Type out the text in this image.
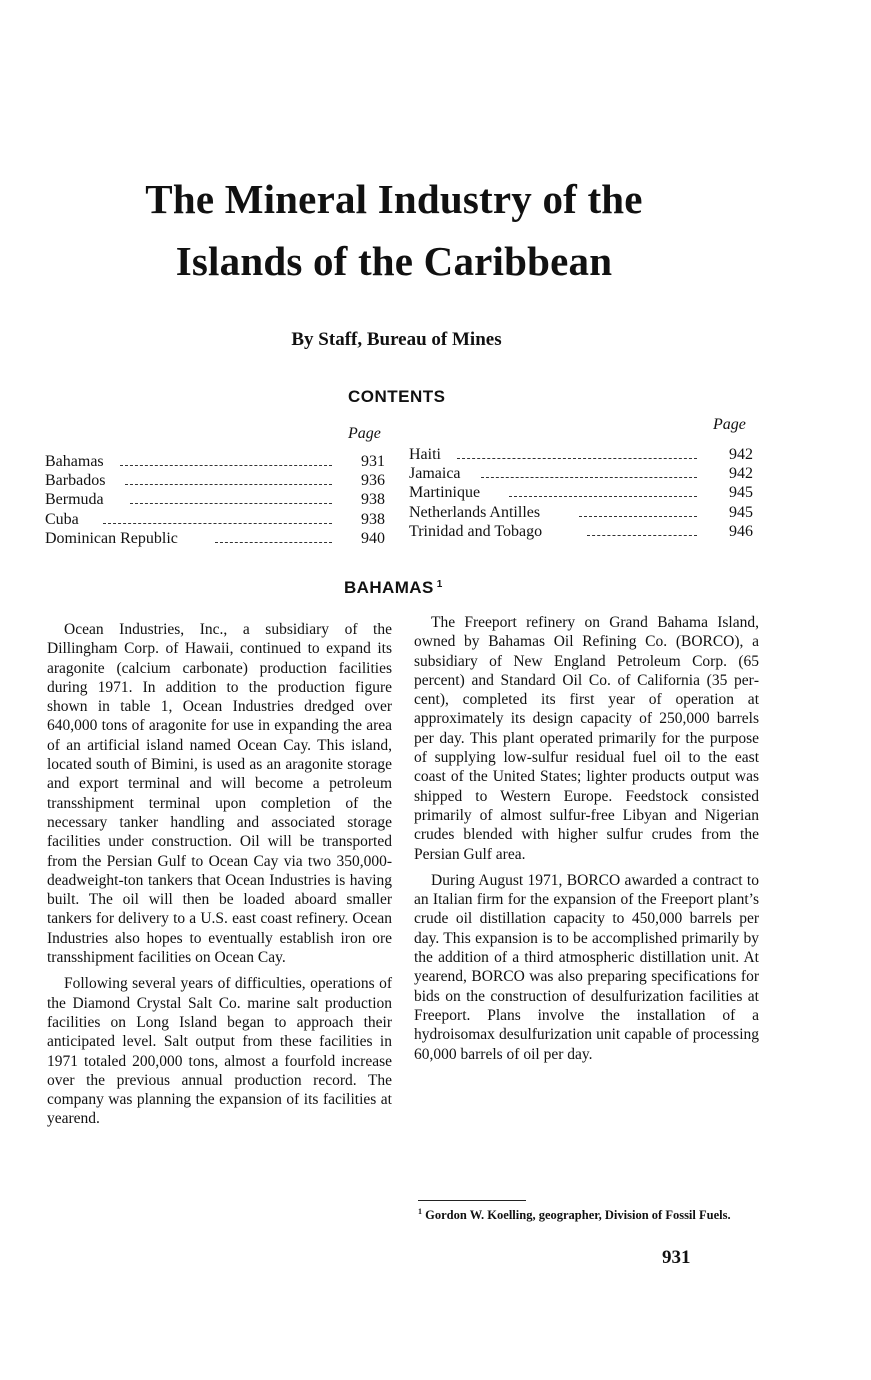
The Mineral Industry of the
Islands of the Caribbean
By Staff, Bureau of Mines
CONTENTS
Page
Page
Bahamas	931
Barbados	936
Bermuda	938
Cuba	938
Dominican Republic	940
Haiti	942
Jamaica	942
Martinique	945
Netherlands Antilles	945
Trinidad and Tobago	946
BAHAMAS $^1$

Ocean Industries, Inc., a subsidiary of the Dillingham Corp. of Hawaii, continued to expand its aragonite (calcium carbonate) production facilities during 1971. In addition to the production figure shown in table 1, Ocean Industries dredged over 640,000 tons of aragonite for use in expanding the area of an artificial island named Ocean Cay. This island, located south of Bimini, is used as an aragonite storage and export terminal and will become a petroleum transshipment terminal upon completion of the necessary tanker handling and associated storage facilities under construction. Oil will be transported from the Persian Gulf to Ocean Cay via two 350,000-deadweight-ton tankers that Ocean Industries is having built. The oil will then be loaded aboard smaller tankers for delivery to a U.S. east coast refinery. Ocean Industries also hopes to eventually establish iron ore transshipment facilities on Ocean Cay.

Following several years of difficulties, operations of the Diamond Crystal Salt Co. marine salt production facilities on Long Island began to approach their anticipated level. Salt output from these facilities in 1971 totaled 200,000 tons, almost a fourfold increase over the previous annual production record. The company was planning the expansion of its facilities at yearend.

The Freeport refinery on Grand Bahama Island, owned by Bahamas Oil Refining Co. (BORCO), a subsidiary of New England Petroleum Corp. (65 percent) and Standard Oil Co. of California (35 percent), completed its first year of operation at approximately its design capacity of 250,000 barrels per day. This plant operated primarily for the purpose of supplying low-sulfur residual fuel oil to the east coast of the United States; lighter products output was shipped to Western Europe. Feedstock consisted primarily of almost sulfur-free Libyan and Nigerian crudes blended with higher sulfur crudes from the Persian Gulf area.

During August 1971, BORCO awarded a contract to an Italian firm for the expansion of the Freeport plant’s crude oil distillation capacity to 450,000 barrels per day. This expansion is to be accomplished primarily by the addition of a third atmospheric distillation unit. At yearend, BORCO was also preparing specifications for bids on the construction of desulfurization facilities at Freeport. Plans involve the installation of a hydroisomax desulfurization unit capable of processing 60,000 barrels of oil per day.

$^1$ Gordon W. Koelling, geographer, Division of Fossil Fuels.
931
